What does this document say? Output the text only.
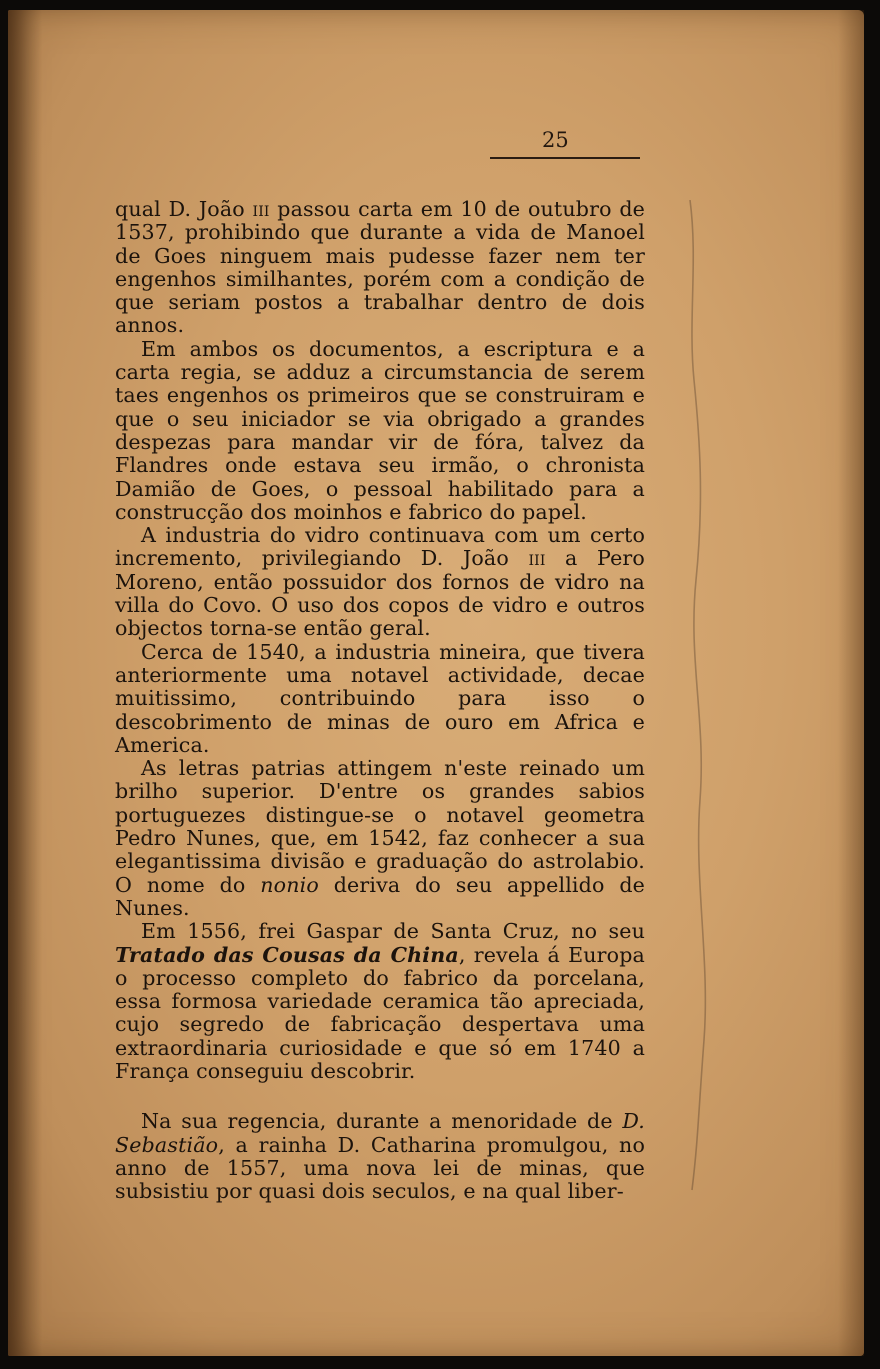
25

qual D. João iii passou carta em 10 de outubro de 1537, prohibindo que durante a vida de Manoel de Goes ninguem mais pudesse fazer nem ter engenhos similhantes, porém com a condição de que seriam postos a trabalhar dentro de dois annos.

Em ambos os documentos, a escriptura e a carta regia, se adduz a circumstancia de serem taes engenhos os primeiros que se construiram e que o seu iniciador se via obrigado a grandes despezas para mandar vir de fóra, talvez da Flandres onde estava seu irmão, o chronista Damião de Goes, o pessoal habilitado para a construcção dos moinhos e fabrico do papel.

A industria do vidro continuava com um certo incremento, privilegiando D. João iii a Pero Moreno, então possuidor dos fornos de vidro na villa do Covo. O uso dos copos de vidro e outros objectos torna-se então geral.

Cerca de 1540, a industria mineira, que tivera anteriormente uma notavel actividade, decae muitissimo, contribuindo para isso o descobrimento de minas de ouro em Africa e America.

As letras patrias attingem n'este reinado um brilho superior. D'entre os grandes sabios portuguezes distingue-se o notavel geometra Pedro Nunes, que, em 1542, faz conhecer a sua elegantissima divisão e graduação do astrolabio. O nome do nonio deriva do seu appellido de Nunes.

Em 1556, frei Gaspar de Santa Cruz, no seu Tratado das Cousas da China, revela á Europa o processo completo do fabrico da porcelana, essa formosa variedade ceramica tão apreciada, cujo segredo de fabricação despertava uma extraordinaria curiosidade e que só em 1740 a França conseguiu descobrir.

Na sua regencia, durante a menoridade de D. Sebastião, a rainha D. Catharina promulgou, no anno de 1557, uma nova lei de minas, que subsistiu por quasi dois seculos, e na qual liber-
